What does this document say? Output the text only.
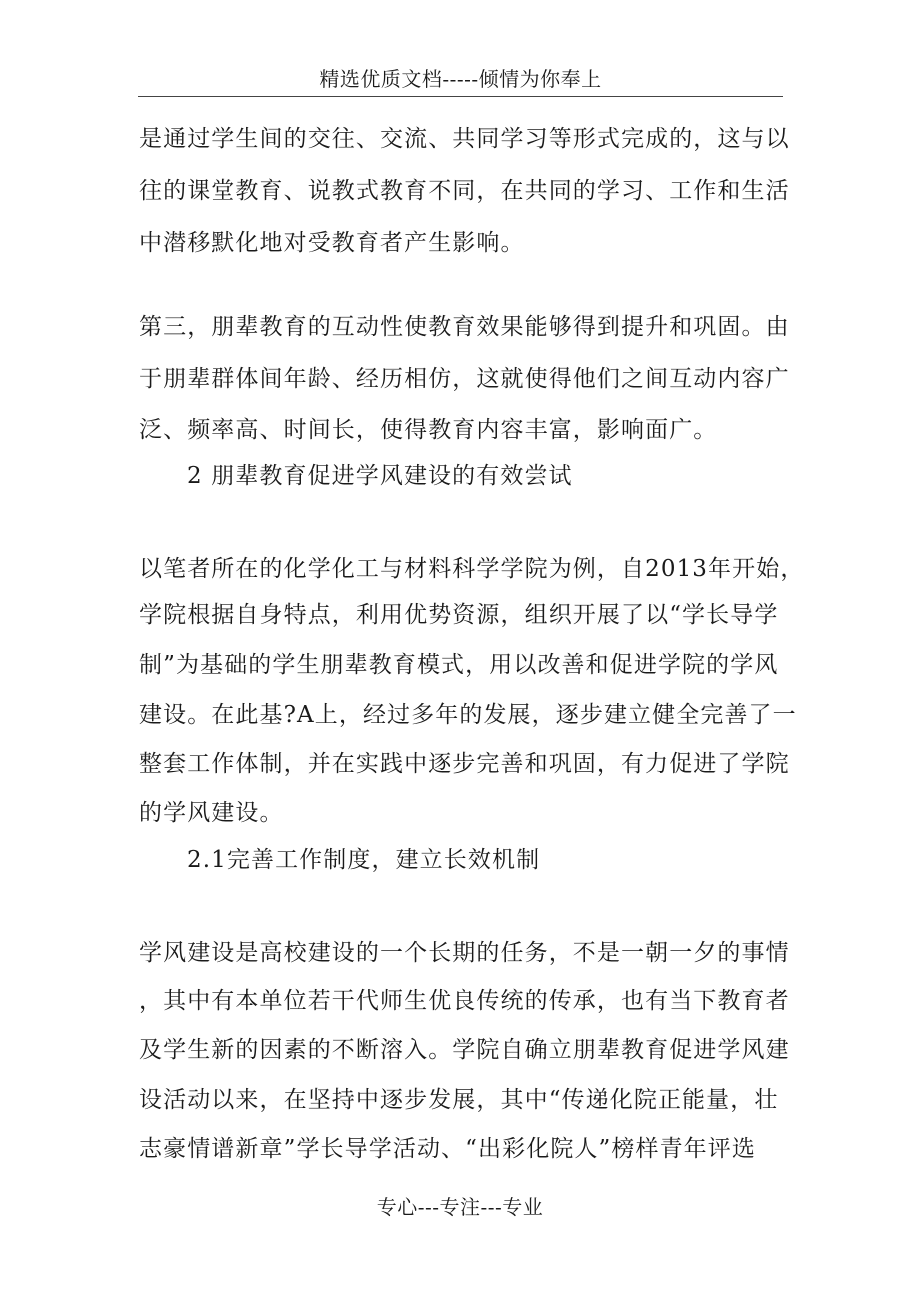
精选优质文档-----倾情为你奉上
是通过学生间的交往、交流、共同学习等形式完成的，这与以
往的课堂教育、说教式教育不同，在共同的学习、工作和生活
中潜移默化地对受教育者产生影响。
第三，朋辈教育的互动性使教育效果能够得到提升和巩固。由
于朋辈群体间年龄、经历相仿，这就使得他们之间互动内容广
泛、频率高、时间长，使得教育内容丰富，影响面广。
2 朋辈教育促进学风建设的有效尝试
以笔者所在的化学化工与材料科学学院为例，自2013年开始，
学院根据自身特点，利用优势资源，组织开展了以“学长导学
制”为基础的学生朋辈教育模式，用以改善和促进学院的学风
建设。在此基?A上，经过多年的发展，逐步建立健全完善了一
整套工作体制，并在实践中逐步完善和巩固，有力促进了学院
的学风建设。
2.1完善工作制度，建立长效机制
学风建设是高校建设的一个长期的任务，不是一朝一夕的事情
，其中有本单位若干代师生优良传统的传承，也有当下教育者
及学生新的因素的不断溶入。学院自确立朋辈教育促进学风建
设活动以来，在坚持中逐步发展，其中“传递化院正能量，壮
志豪情谱新章”学长导学活动、“出彩化院人”榜样青年评选
专心---专注---专业
